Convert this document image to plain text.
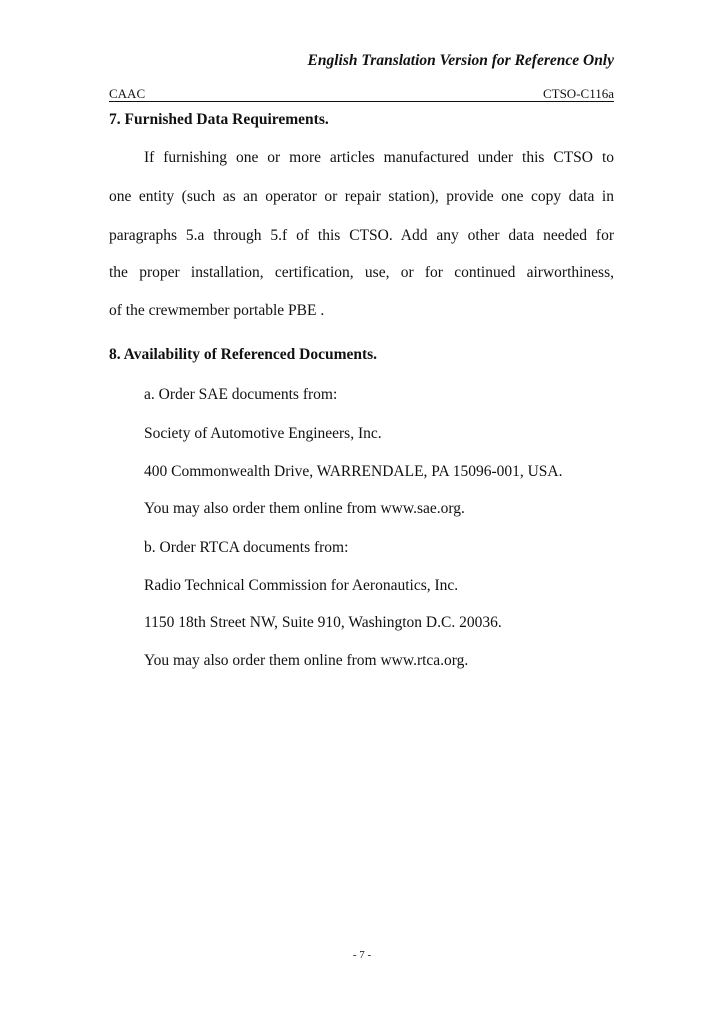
English Translation Version for Reference Only
CAAC	CTSO-C116a
7. Furnished Data Requirements.
If furnishing one or more articles manufactured under this CTSO to
one entity (such as an operator or repair station), provide one copy data in
paragraphs 5.a through 5.f of this CTSO. Add any other data needed for
the proper installation, certification, use, or for continued airworthiness,
of the crewmember portable PBE .
8. Availability of Referenced Documents.
a. Order SAE documents from:
Society of Automotive Engineers, Inc.
400 Commonwealth Drive, WARRENDALE, PA 15096-001, USA.
You may also order them online from www.sae.org.
b. Order RTCA documents from:
Radio Technical Commission for Aeronautics, Inc.
1150 18th Street NW, Suite 910, Washington D.C. 20036.
You may also order them online from www.rtca.org.
- 7 -
